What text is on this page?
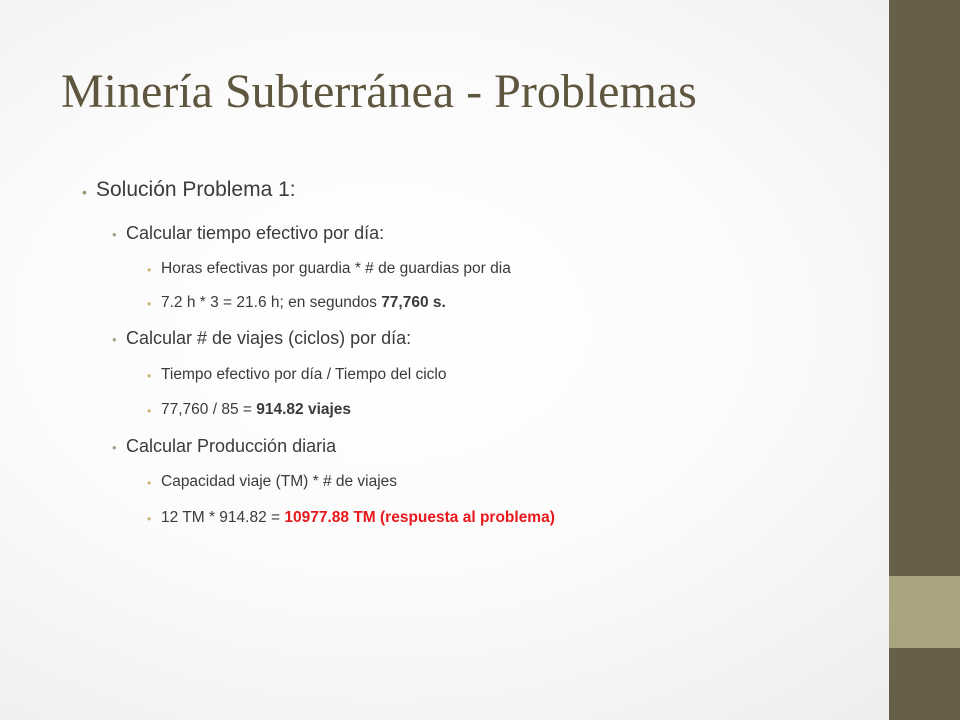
Minería Subterránea - Problemas
• Solución Problema 1:
• Calcular tiempo efectivo por día:
• Horas efectivas por guardia * # de guardias por dia
• 7.2 h * 3 = 21.6 h; en segundos 77,760 s.
• Calcular # de viajes (ciclos) por día:
• Tiempo efectivo por día / Tiempo del ciclo
• 77,760 / 85 = 914.82 viajes
• Calcular Producción diaria
• Capacidad viaje (TM) * # de viajes
• 12 TM * 914.82 = 10977.88 TM (respuesta al problema)
